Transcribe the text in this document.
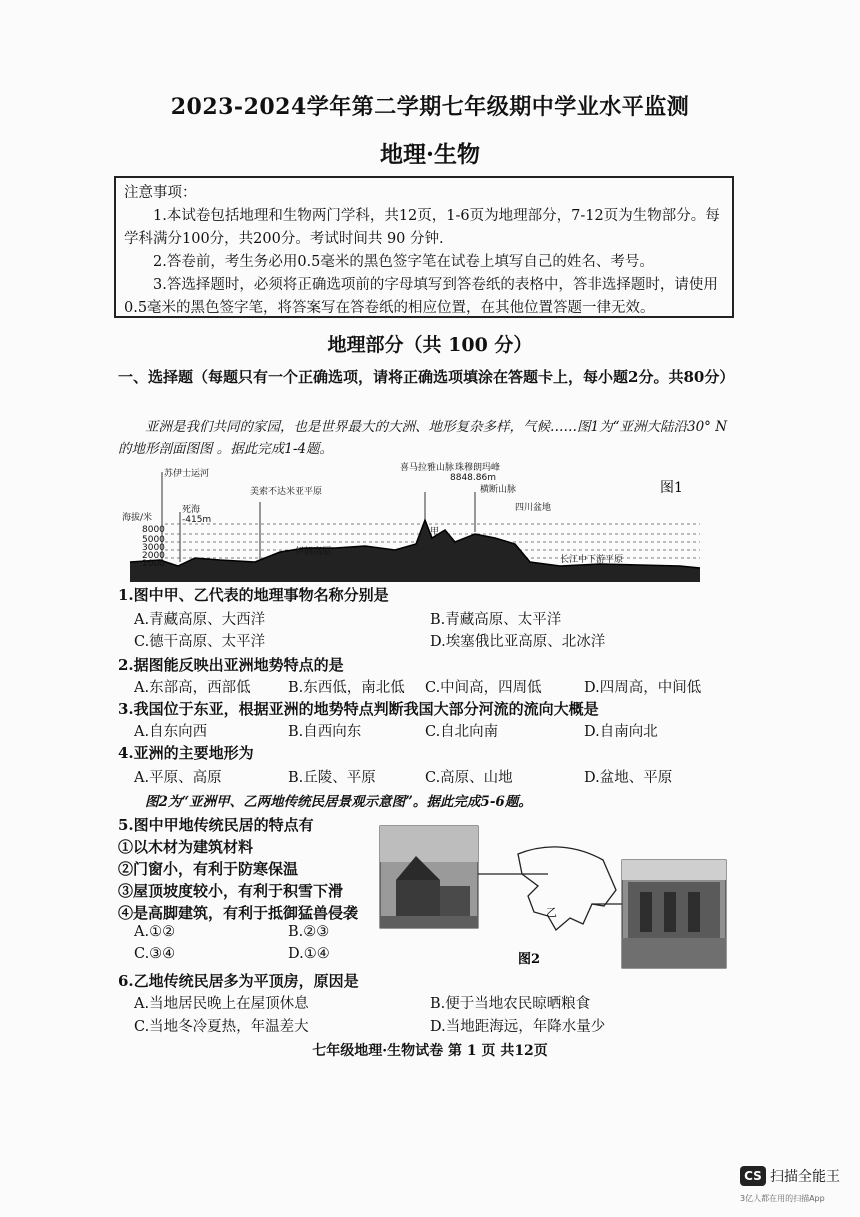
2023-2024学年第二学期七年级期中学业水平监测
地理·生物

注意事项：

1.本试卷包括地理和生物两门学科，共12页，1-6页为地理部分，7-12页为生物部分。每学科满分100分，共200分。考试时间共 90 分钟.

2.答卷前，考生务必用0.5毫米的黑色签字笔在试卷上填写自己的姓名、考号。

3.答选择题时，必须将正确选项前的字母填写到答卷纸的表格中，答非选择题时，请使用0.5毫米的黑色签字笔，将答案写在答卷纸的相应位置，在其他位置答题一律无效。

地理部分（共 100 分）
一、选择题（每题只有一个正确选项，请将正确选项填涂在答题卡上，每小题2分。共80分）
亚洲是我们共同的家园，也是世界最大的大洲、地形复杂多样，气候……图1为“亚洲大陆沿30° N的地形剖面图图 。据此完成1-4题。
海拔/米
8000
5000
3000
2000
1000
苏伊士运河
死海
-415m
美索不达米亚平原
喜马拉雅山脉 珠穆朗玛峰
8848.86m
横断山脉
四川盆地
甲
伊朗高原
长江中下游平原
图1
1.图中甲、乙代表的地理事物名称分别是
A.青藏高原、大西洋	B.青藏高原、太平洋
C.德干高原、太平洋	D.埃塞俄比亚高原、北冰洋
2.据图能反映出亚洲地势特点的是
A.东部高，西部低	B.东西低，南北低 C.中间高，四周低	D.四周高，中间低
3.我国位于东亚，根据亚洲的地势特点判断我国大部分河流的流向大概是
A.自东向西	B.自西向东	C.自北向南	D.自南向北
4.亚洲的主要地形为
A.平原、高原	B.丘陵、平原	C.高原、山地	D.盆地、平原
图2为“亚洲甲、乙两地传统民居景观示意图”。据此完成5-6题。
5.图中甲地传统民居的特点有
①以木材为建筑材料
②门窗小，有利于防寒保温
③屋顶坡度较小，有利于积雪下滑
④是高脚建筑，有利于抵御猛兽侵袭
A.①②	B.②③
C.③④	D.①④
乙
图2
6.乙地传统民居多为平顶房，原因是
A.当地居民晚上在屋顶休息	B.便于当地农民晾晒粮食
C.当地冬冷夏热，年温差大	D.当地距海远，年降水量少
七年级地理·生物试卷 第 1 页 共12页
CS 扫描全能王
3亿人都在用的扫描App
